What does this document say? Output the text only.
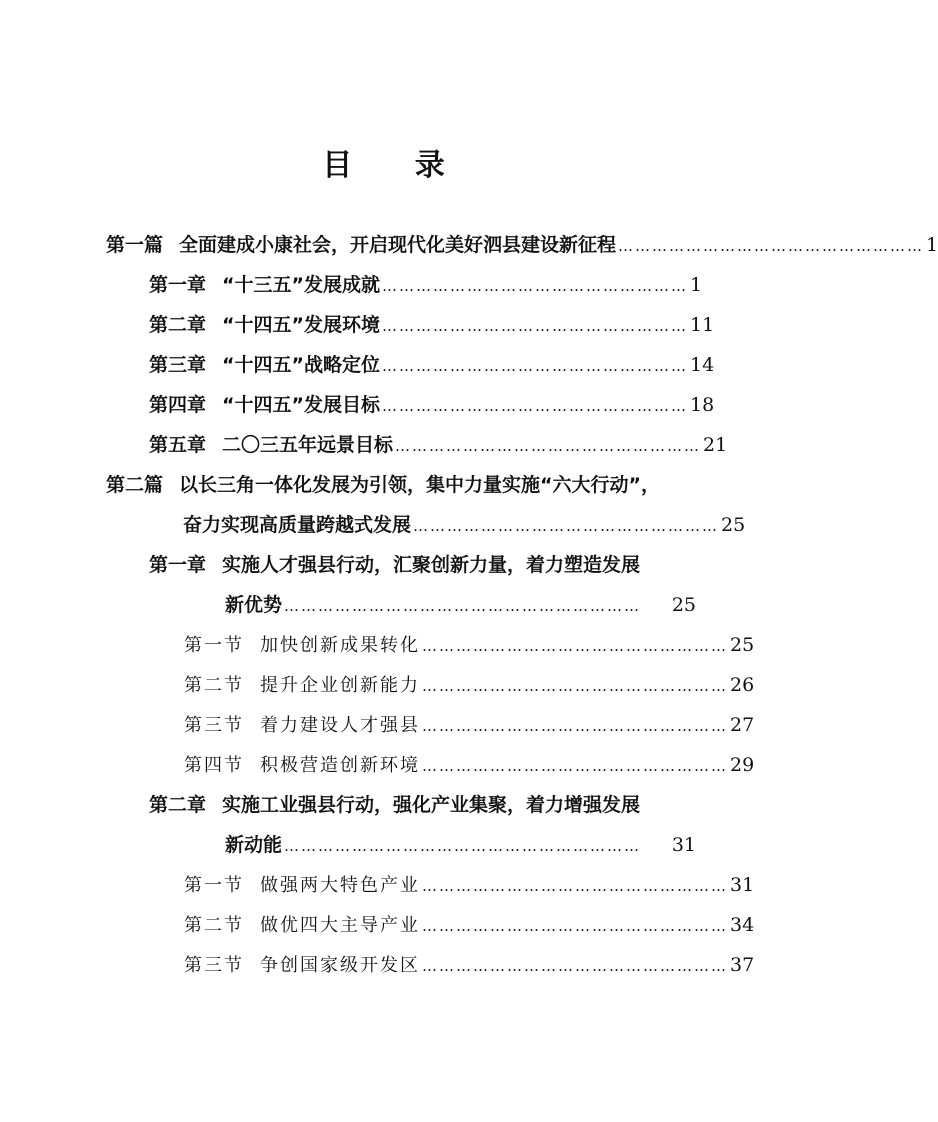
目 录
第一篇 全面建成小康社会，开启现代化美好泗县建设新征程 ……………………………………………… 1
第一章 “十三五”发展成就 ……………………………………………… 1
第二章 “十四五”发展环境 ……………………………………………… 11
第三章 “十四五”战略定位 ……………………………………………… 14
第四章 “十四五”发展目标 ……………………………………………… 18
第五章 二〇三五年远景目标 ……………………………………………… 21
第二篇 以长三角一体化发展为引领，集中力量实施“六大行动”，
奋力实现高质量跨越式发展 ……………………………………………… 25
第一章 实施人才强县行动，汇聚创新力量，着力塑造发展
新优势 ………………………………………………………	25
第一节 加快创新成果转化 ……………………………………………… 25
第二节 提升企业创新能力 ……………………………………………… 26
第三节 着力建设人才强县 ……………………………………………… 27
第四节 积极营造创新环境 ……………………………………………… 29
第二章 实施工业强县行动，强化产业集聚，着力增强发展
新动能 ………………………………………………………	31
第一节 做强两大特色产业 ……………………………………………… 31
第二节 做优四大主导产业 ……………………………………………… 34
第三节 争创国家级开发区 ……………………………………………… 37
